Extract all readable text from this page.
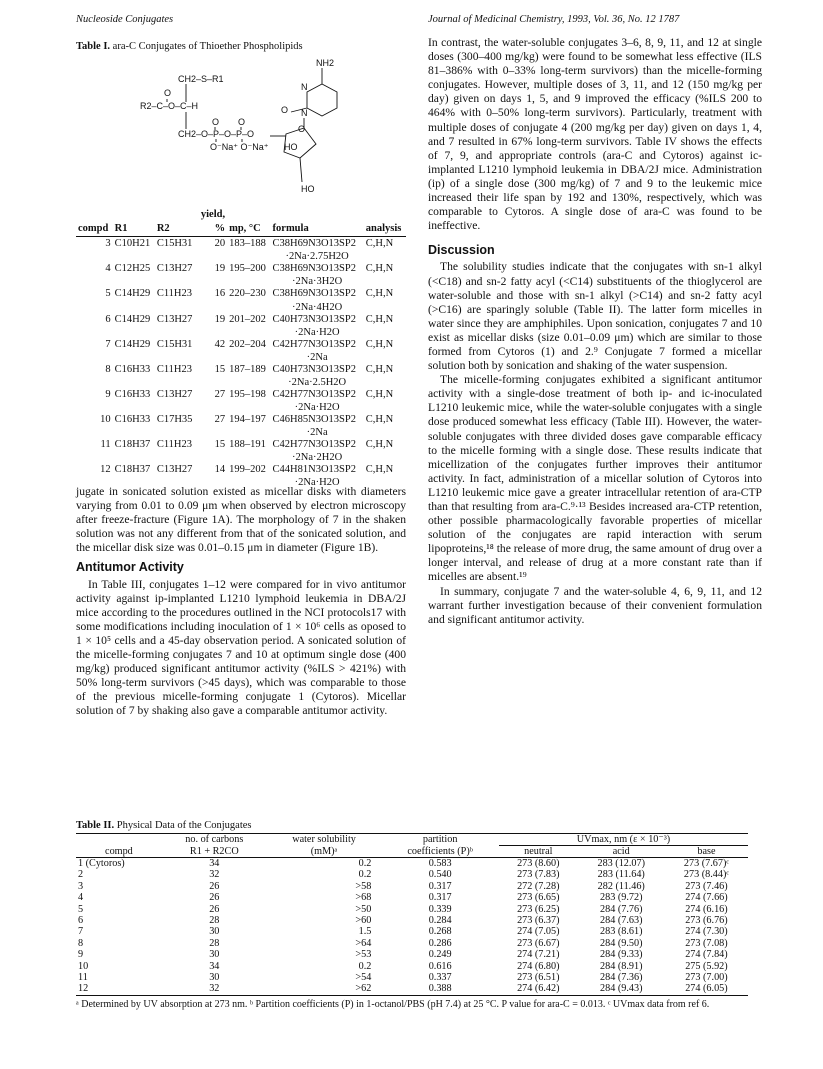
Nucleoside Conjugates	Journal of Medicinal Chemistry, 1993, Vol. 36, No. 12 1787
Table I. ara-C Conjugates of Thioether Phospholipids
NH2
CH2–S–R1
O
R2–C–O–C–H
O O
CH2–O–P–O–P–O
O⁻Na⁺ O⁻Na⁺ HO
HO
O
O
N
N
			yield,			
compd	R1	R2	%	mp, °C	formula	analysis
3	C10H21	C15H31	20	183–188	C38H69N3O13SP2	C,H,N
					·2Na·2.75H2O	
4	C12H25	C13H27	19	195–200	C38H69N3O13SP2	C,H,N
					·2Na·3H2O	
5	C14H29	C11H23	16	220–230	C38H69N3O13SP2	C,H,N
					·2Na·4H2O	
6	C14H29	C13H27	19	201–202	C40H73N3O13SP2	C,H,N
					·2Na·H2O	
7	C14H29	C15H31	42	202–204	C42H77N3O13SP2	C,H,N
					·2Na	
8	C16H33	C11H23	15	187–189	C40H73N3O13SP2	C,H,N
					·2Na·2.5H2O	
9	C16H33	C13H27	27	195–198	C42H77N3O13SP2	C,H,N
					·2Na·H2O	
10	C16H33	C17H35	27	194–197	C46H85N3O13SP2	C,H,N
					·2Na	
11	C18H37	C11H23	15	188–191	C42H77N3O13SP2	C,H,N
					·2Na·2H2O	
12	C18H37	C13H27	14	199–202	C44H81N3O13SP2	C,H,N
					·2Na·H2O	

jugate in sonicated solution existed as micellar disks with diameters varying from 0.01 to 0.09 μm when observed by electron microscopy after freeze-fracture (Figure 1A). The morphology of 7 in the shaken solution was not any different from that of the sonicated solution, and the micellar disk size was 0.01–0.15 μm in diameter (Figure 1B).

Antitumor Activity

In Table III, conjugates 1–12 were compared for in vivo antitumor activity against ip-implanted L1210 lymphoid leukemia in DBA/2J mice according to the procedures outlined in the NCI protocols17 with some modifications including inoculation of 1 × 10⁶ cells as oposed to 1 × 10⁵ cells and a 45-day observation period. A sonicated solution of the micelle-forming conjugates 7 and 10 at optimum single dose (400 mg/kg) produced significant antitumor activity (%ILS > 421%) with 50% long-term survivors (>45 days), which was comparable to those of the previous micelle-forming conjugate 1 (Cytoros). Micellar solution of 7 by shaking also gave a comparable antitumor activity.

In contrast, the water-soluble conjugates 3–6, 8, 9, 11, and 12 at single doses (300–400 mg/kg) were found to be somewhat less effective (ILS 81–386% with 0–33% long-term survivors) than the micelle-forming conjugates. However, multiple doses of 3, 11, and 12 (150 mg/kg per day) given on days 1, 5, and 9 improved the efficacy (%ILS 200 to 464% with 0–50% long-term survivors). Particularly, treatment with multiple doses of conjugate 4 (200 mg/kg per day) given on days 1, 4, and 7 resulted in 67% long-term survivors. Table IV shows the effects of 7, 9, and appropriate controls (ara-C and Cytoros) against ic-implanted L1210 lymphoid leukemia in DBA/2J mice. Administration (ip) of a single dose (300 mg/kg) of 7 and 9 to the leukemic mice increased their life span by 192 and 130%, respectively, which was comparable to Cytoros. A single dose of ara-C was found to be ineffective.

Discussion

The solubility studies indicate that the conjugates with sn-1 alkyl (<C18) and sn-2 fatty acyl (<C14) substituents of the thioglycerol are water-soluble and those with sn-1 alkyl (>C14) and sn-2 fatty acyl (>C16) are sparingly soluble (Table II). The latter form micelles in water since they are amphiphiles. Upon sonication, conjugates 7 and 10 exist as micellar disks (size 0.01–0.09 μm) which are similar to those formed from Cytoros (1) and 2.⁹ Conjugate 7 formed a micellar solution both by sonication and shaking of the water suspension.

The micelle-forming conjugates exhibited a significant antitumor activity with a single-dose treatment of both ip- and ic-inoculated L1210 leukemic mice, while the water-soluble conjugates with a single dose produced somewhat less efficacy (Table III). However, the water-soluble conjugates with three divided doses gave comparable efficacy to the micelle forming with a single dose. These results indicate that micellization of the conjugates further improves their antitumor activity. In fact, administration of a micellar solution of Cytoros into L1210 leukemic mice gave a greater intracellular retention of ara-CTP than that resulting from ara-C.⁹·¹³ Besides increased ara-CTP retention, other possible pharmacologically favorable properties of micellar solution of the conjugates are rapid interaction with serum lipoproteins,¹⁸ the release of more drug, the same amount of drug over a longer interval, and release of drug at a more constant rate than if micelles are absent.¹⁹

In summary, conjugate 7 and the water-soluble 4, 6, 9, 11, and 12 warrant further investigation because of their convenient formulation and significant antitumor activity.

Table II. Physical Data of the Conjugates
	no. of carbons	water solubility	partition	UVmax, nm (ε × 10⁻³)		
compd	R1 + R2CO	(mM)ᵃ	coefficients (P)ᵇ	neutral	acid	base
1 (Cytoros)	34	0.2	0.583	273 (8.60)	283 (12.07)	273 (7.67)ᶜ
2	32	0.2	0.540	273 (7.83)	283 (11.64)	273 (8.44)ᶜ
3	26	>58	0.317	272 (7.28)	282 (11.46)	273 (7.46)
4	26	>68	0.317	273 (6.65)	283 (9.72)	274 (7.66)
5	26	>50	0.339	273 (6.25)	284 (7.76)	274 (6.16)
6	28	>60	0.284	273 (6.37)	284 (7.63)	273 (6.76)
7	30	1.5	0.268	274 (7.05)	283 (8.61)	274 (7.30)
8	28	>64	0.286	273 (6.67)	284 (9.50)	273 (7.08)
9	30	>53	0.249	274 (7.21)	284 (9.33)	274 (7.84)
10	34	0.2	0.616	274 (6.80)	284 (8.91)	275 (5.92)
11	30	>54	0.337	273 (6.51)	284 (7.36)	273 (7.00)
12	32	>62	0.388	274 (6.42)	284 (9.43)	274 (6.05)
ᵃ Determined by UV absorption at 273 nm. ᵇ Partition coefficients (P) in 1-octanol/PBS (pH 7.4) at 25 °C. P value for ara-C = 0.013. ᶜ UVmax data from ref 6.
